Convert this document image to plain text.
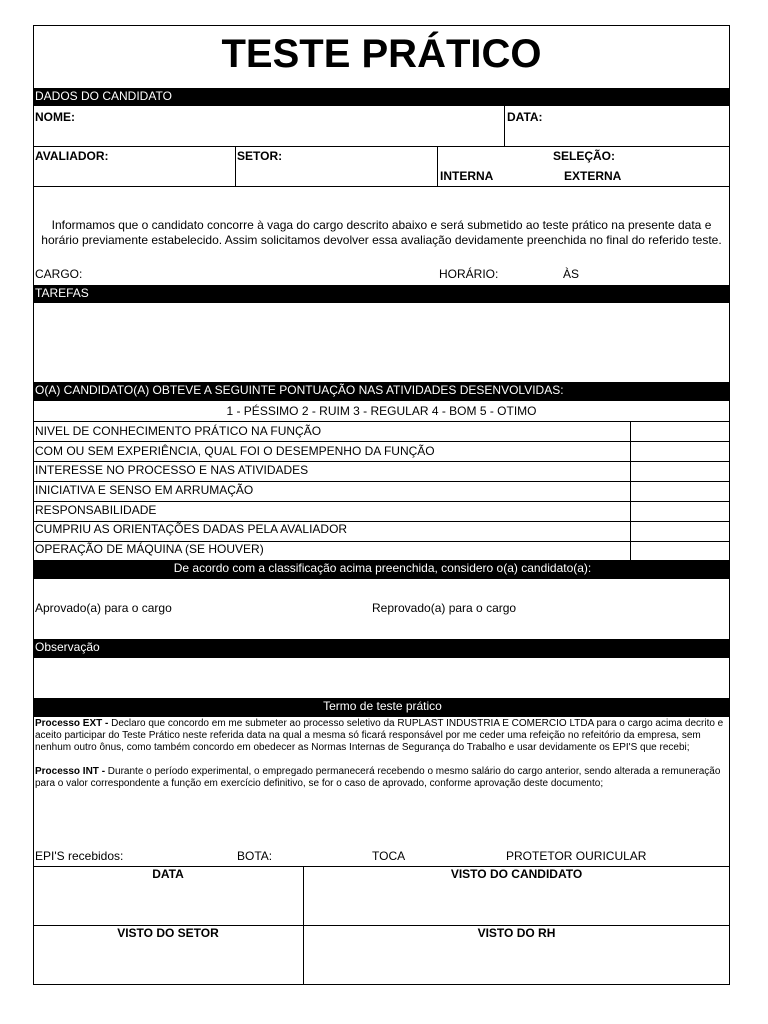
TESTE PRÁTICO
DADOS DO CANDIDATO
NOME:	DATA:
AVALIADOR:	SETOR:	SELEÇÃO:
INTERNA	EXTERNA
Informamos que o candidato concorre à vaga do cargo descrito abaixo e será submetido ao teste prático na presente data e horário previamente estabelecido. Assim solicitamos devolver essa avaliação devidamente preenchida no final do referido teste.
CARGO:	HORÁRIO:	ÀS
TAREFAS
O(A) CANDIDATO(A) OBTEVE A SEGUINTE PONTUAÇÃO NAS ATIVIDADES DESENVOLVIDAS:
1 - PÉSSIMO 2 - RUIM 3 - REGULAR 4 - BOM 5 - OTIMO
NIVEL DE CONHECIMENTO PRÁTICO NA FUNÇÃO
COM OU SEM EXPERIÊNCIA, QUAL FOI O DESEMPENHO DA FUNÇÃO
INTERESSE NO PROCESSO E NAS ATIVIDADES
INICIATIVA E SENSO EM ARRUMAÇÃO
RESPONSABILIDADE
CUMPRIU AS ORIENTAÇÕES DADAS PELA AVALIADOR
OPERAÇÃO DE MÁQUINA (SE HOUVER)
De acordo com a classificação acima preenchida, considero o(a) candidato(a):
Aprovado(a) para o cargo	Reprovado(a) para o cargo
Observação
Termo de teste prático
Processo EXT - Declaro que concordo em me submeter ao processo seletivo da RUPLAST INDUSTRIA E COMERCIO LTDA para o cargo acima decrito e aceito participar do Teste Prático neste referida data na qual a mesma só ficará responsável por me ceder uma refeição no refeitório da empresa, sem nenhum outro ônus, como também concordo em obedecer as Normas Internas de Segurança do Trabalho e usar devidamente os EPI'S que recebi;
Processo INT - Durante o período experimental, o empregado permanecerá recebendo o mesmo salário do cargo anterior, sendo alterada a remuneração para o valor correspondente a função em exercício definitivo, se for o caso de aprovado, conforme aprovação deste documento;
EPI'S recebidos:	BOTA:	TOCA	PROTETOR OURICULAR
DATA	VISTO DO CANDIDATO
VISTO DO SETOR	VISTO DO RH
